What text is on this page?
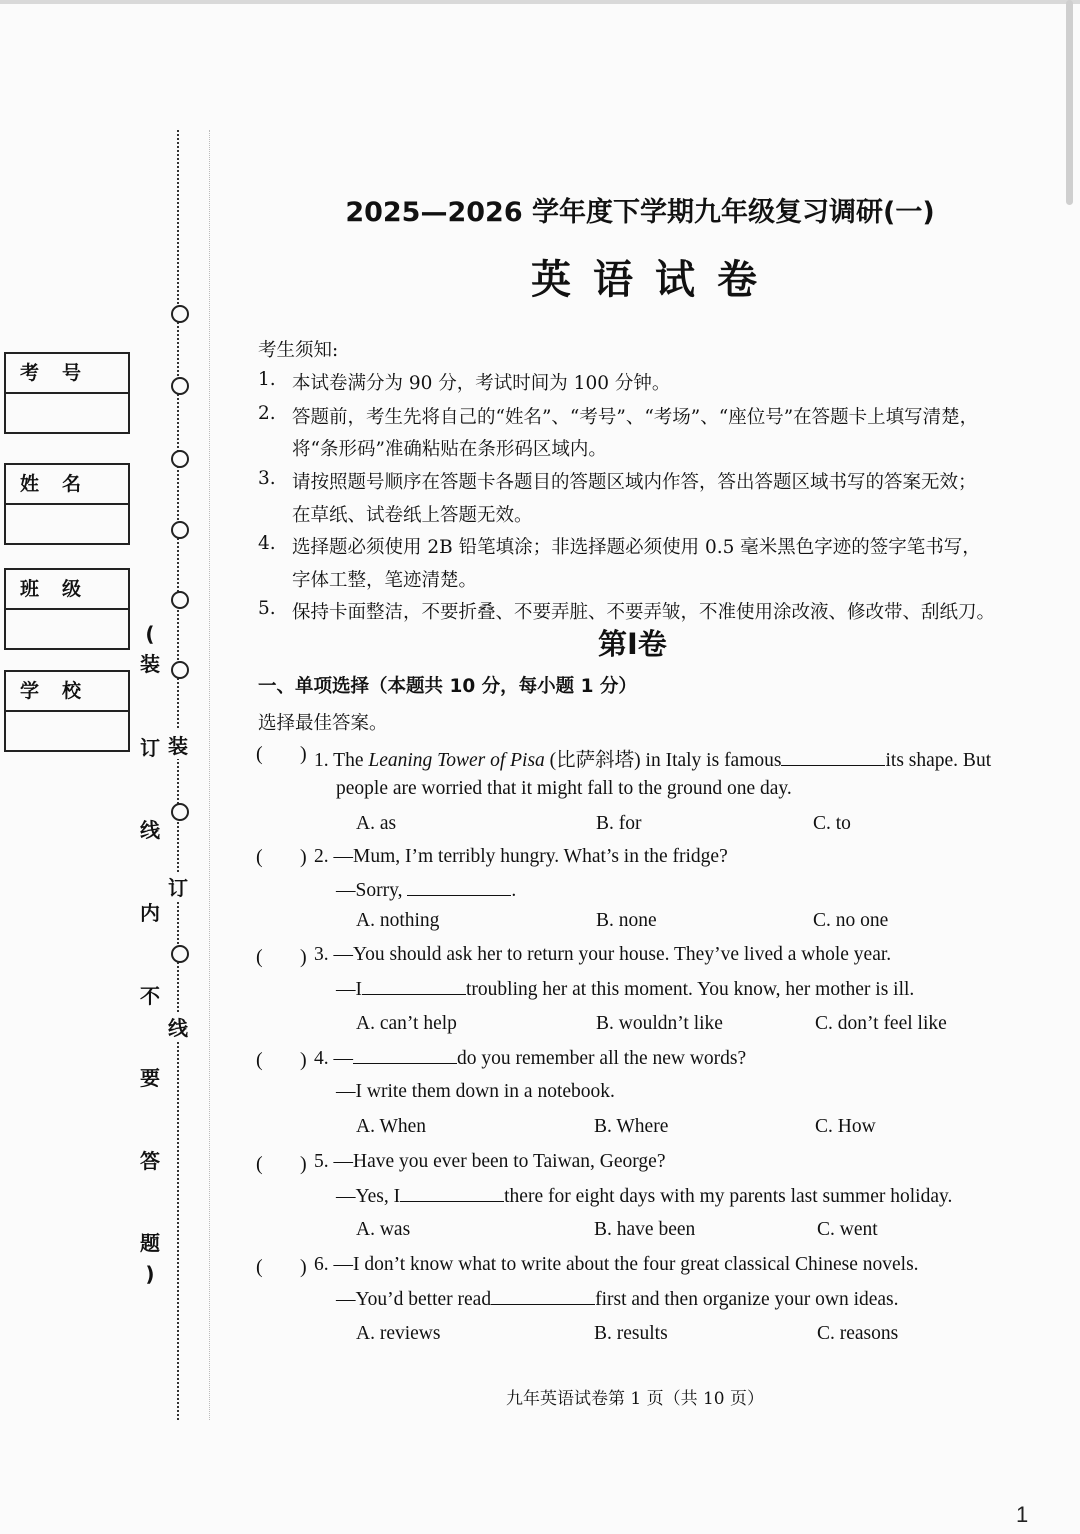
考　号
姓　名
班　级
学　校
(
装
订
线
内
不
要
答
题
)
装
订
线
2025—2026 学年度下学期九年级复习调研(一)
英语试卷
考生须知:
1. 本试卷满分为 90 分，考试时间为 100 分钟。
2. 答题前，考生先将自己的“姓名”、“考号”、“考场”、“座位号”在答题卡上填写清楚，
将“条形码”准确粘贴在条形码区域内。
3. 请按照题号顺序在答题卡各题目的答题区域内作答，答出答题区域书写的答案无效；
在草纸、试卷纸上答题无效。
4. 选择题必须使用 2B 铅笔填涂；非选择题必须使用 0.5 毫米黑色字迹的签字笔书写，
字体工整，笔迹清楚。
5. 保持卡面整洁，不要折叠、不要弄脏、不要弄皱，不准使用涂改液、修改带、刮纸刀。
第I卷
一、单项选择（本题共 10 分，每小题 1 分）
选择最佳答案。
( ) 1. The Leaning Tower of Pisa (比萨斜塔) in Italy is famous	its shape. But
people are worried that it might fall to the ground one day.
A. as	B. for	C. to
( ) 2. —Mum, I’m terribly hungry. What’s in the fridge?
—Sorry,	.
A. nothing	B. none	C. no one
( ) 3. —You should ask her to return your house. They’ve lived a whole year.
—I	troubling her at this moment. You know, her mother is ill.
A. can’t help	B. wouldn’t like	C. don’t feel like
( ) 4. —	do you remember all the new words?
—I write them down in a notebook.
A. When	B. Where	C. How
( ) 5. —Have you ever been to Taiwan, George?
—Yes, I	there for eight days with my parents last summer holiday.
A. was	B. have been	C. went
( ) 6. —I don’t know what to write about the four great classical Chinese novels.
—You’d better read	first and then organize your own ideas.
A. reviews	B. results	C. reasons
九年英语试卷第 1 页（共 10 页）
1
